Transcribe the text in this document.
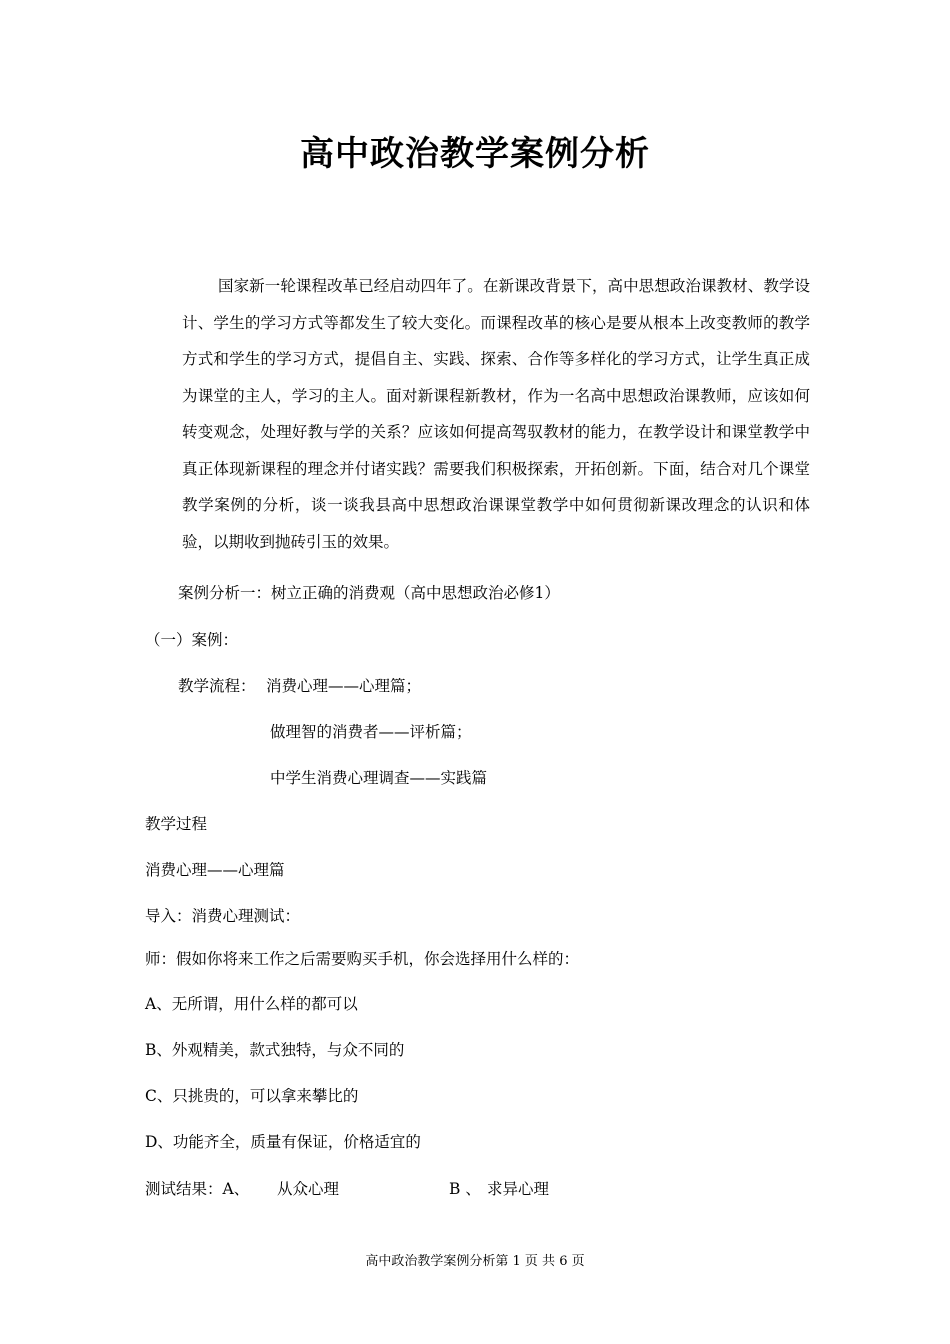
高中政治教学案例分析

国家新一轮课程改革已经启动四年了。在新课改背景下，高中思想政治课教材、教学设计、学生的学习方式等都发生了较大变化。而课程改革的核心是要从根本上改变教师的教学方式和学生的学习方式，提倡自主、实践、探索、合作等多样化的学习方式，让学生真正成为课堂的主人，学习的主人。面对新课程新教材，作为一名高中思想政治课教师，应该如何转变观念，处理好教与学的关系？应该如何提高驾驭教材的能力，在教学设计和课堂教学中真正体现新课程的理念并付诸实践？需要我们积极探索，开拓创新。下面，结合对几个课堂教学案例的分析，谈一谈我县高中思想政治课课堂教学中如何贯彻新课改理念的认识和体验，以期收到抛砖引玉的效果。

案例分析一：树立正确的消费观（高中思想政治必修1）
（一）案例：
教学流程： 消费心理——心理篇；
做理智的消费者——评析篇；
中学生消费心理调查——实践篇
教学过程
消费心理——心理篇
导入：消费心理测试：
师：假如你将来工作之后需要购买手机，你会选择用什么样的：
A、无所谓，用什么样的都可以
B、外观精美，款式独特，与众不同的
C、只挑贵的，可以拿来攀比的
D、功能齐全，质量有保证，价格适宜的
测试结果：A、 从众心理	B 、 求异心理
高中政治教学案例分析第 1 页 共 6 页
